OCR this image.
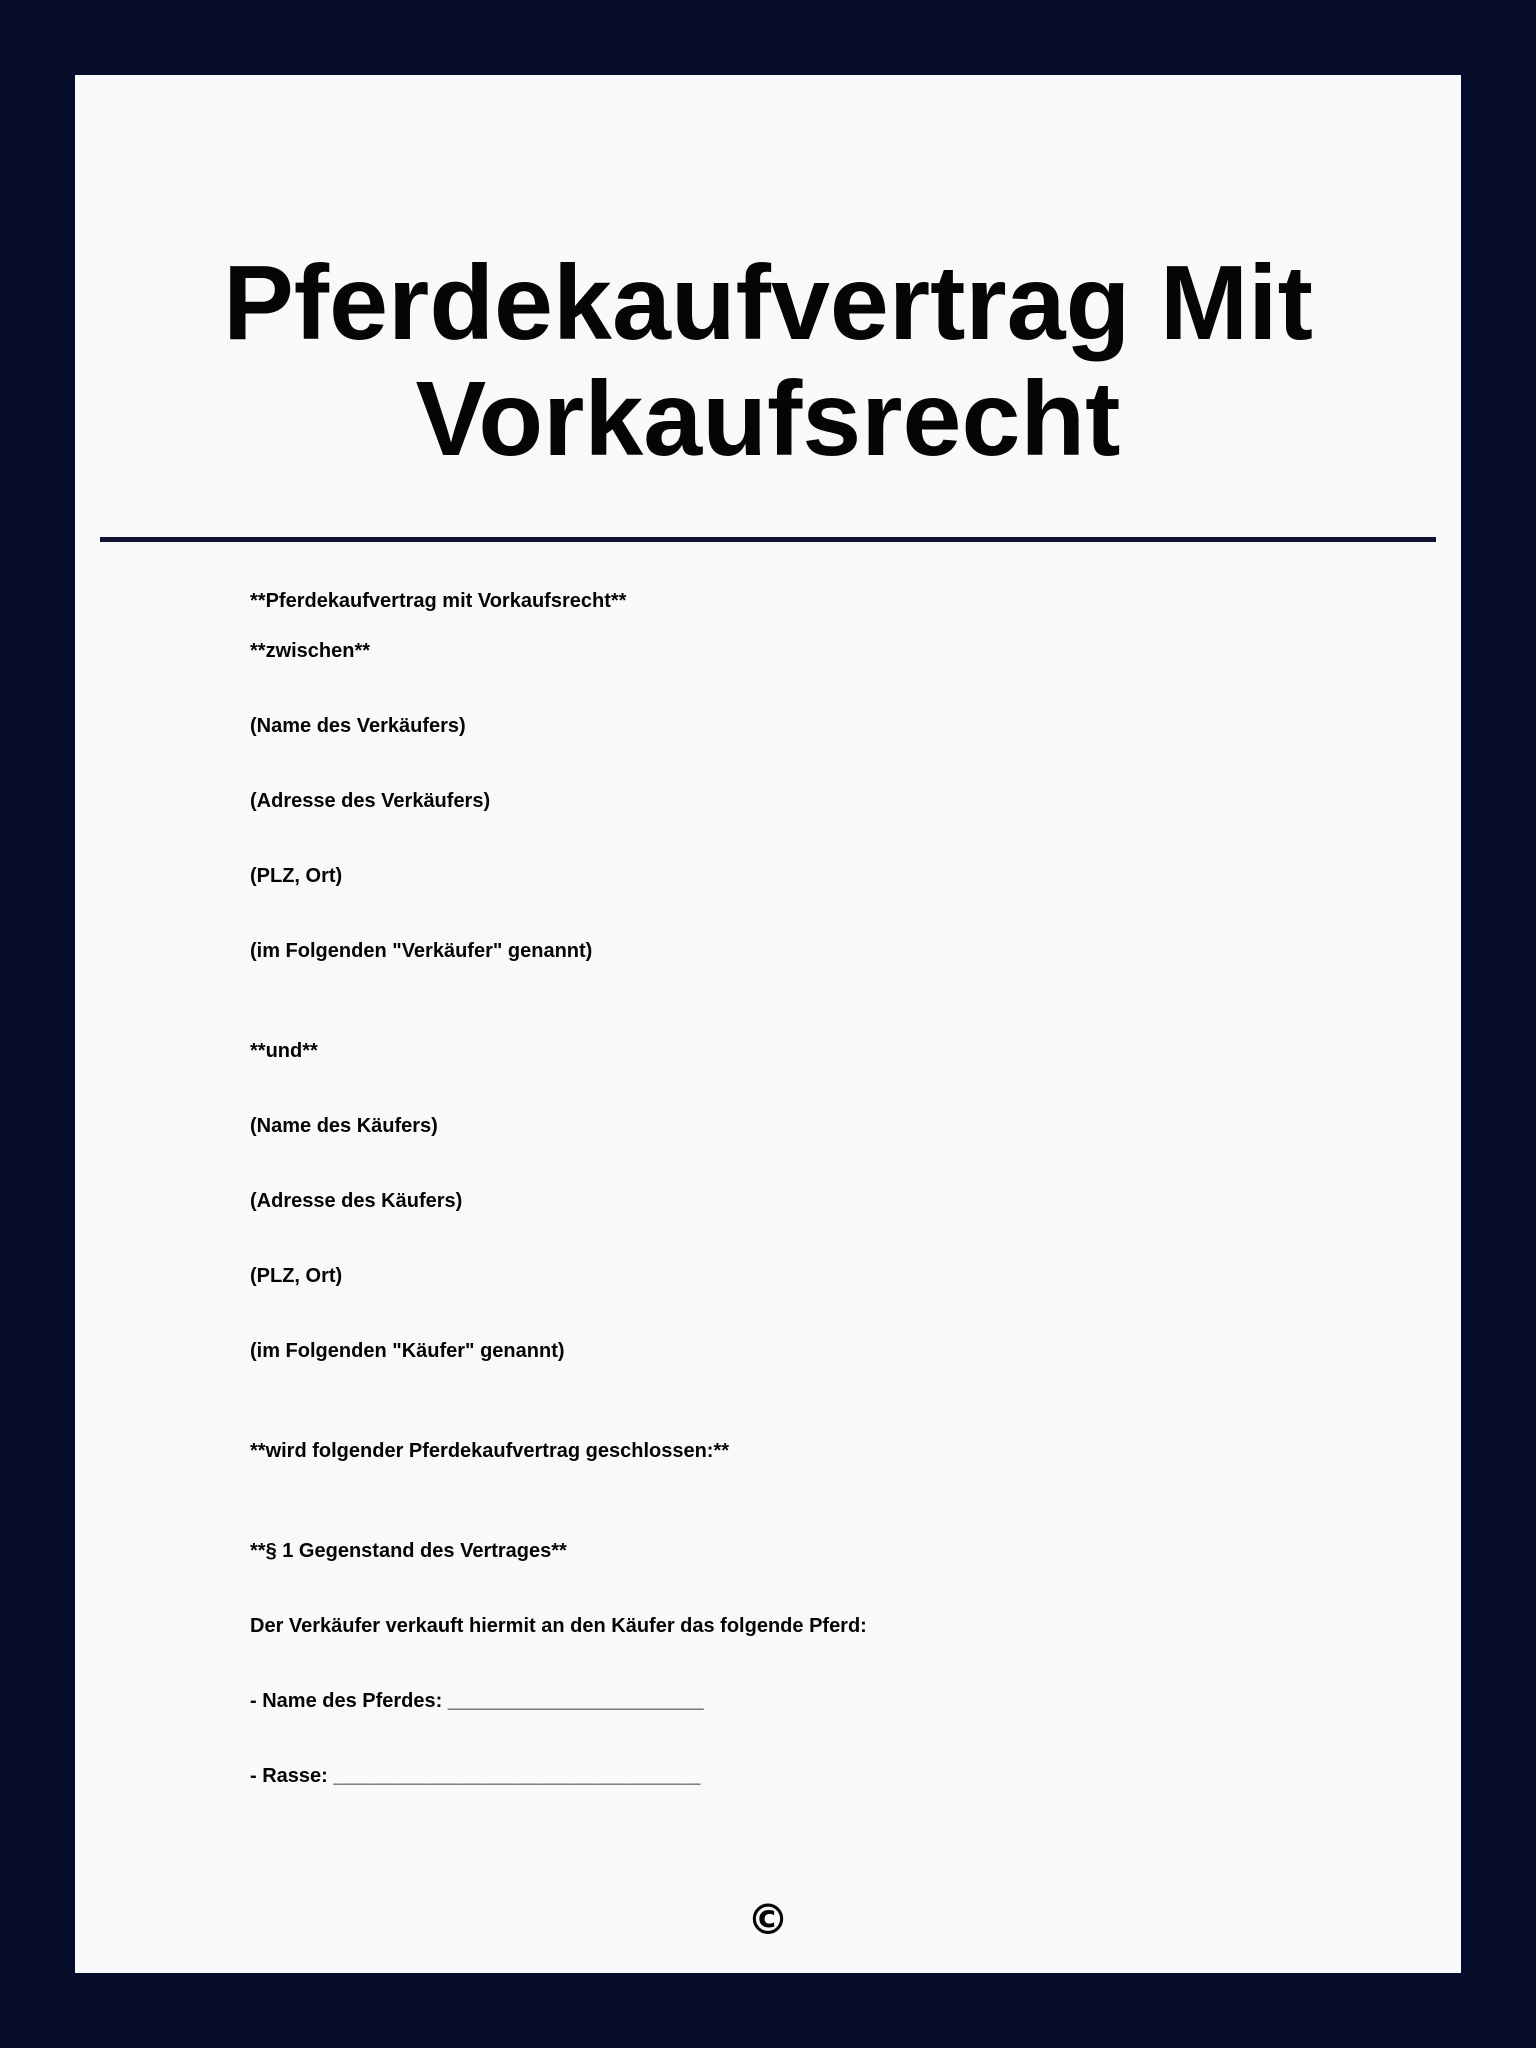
Pferdekaufvertrag Mit
Vorkaufsrecht

**Pferdekaufvertrag mit Vorkaufsrecht**

**zwischen**

(Name des Verkäufers)

(Adresse des Verkäufers)

(PLZ, Ort)

(im Folgenden "Verkäufer" genannt)

**und**

(Name des Käufers)

(Adresse des Käufers)

(PLZ, Ort)

(im Folgenden "Käufer" genannt)

**wird folgender Pferdekaufvertrag geschlossen:**

**§ 1 Gegenstand des Vertrages**

Der Verkäufer verkauft hiermit an den Käufer das folgende Pferd:

- Name des Pferdes: _______________________

- Rasse: _________________________________

©
